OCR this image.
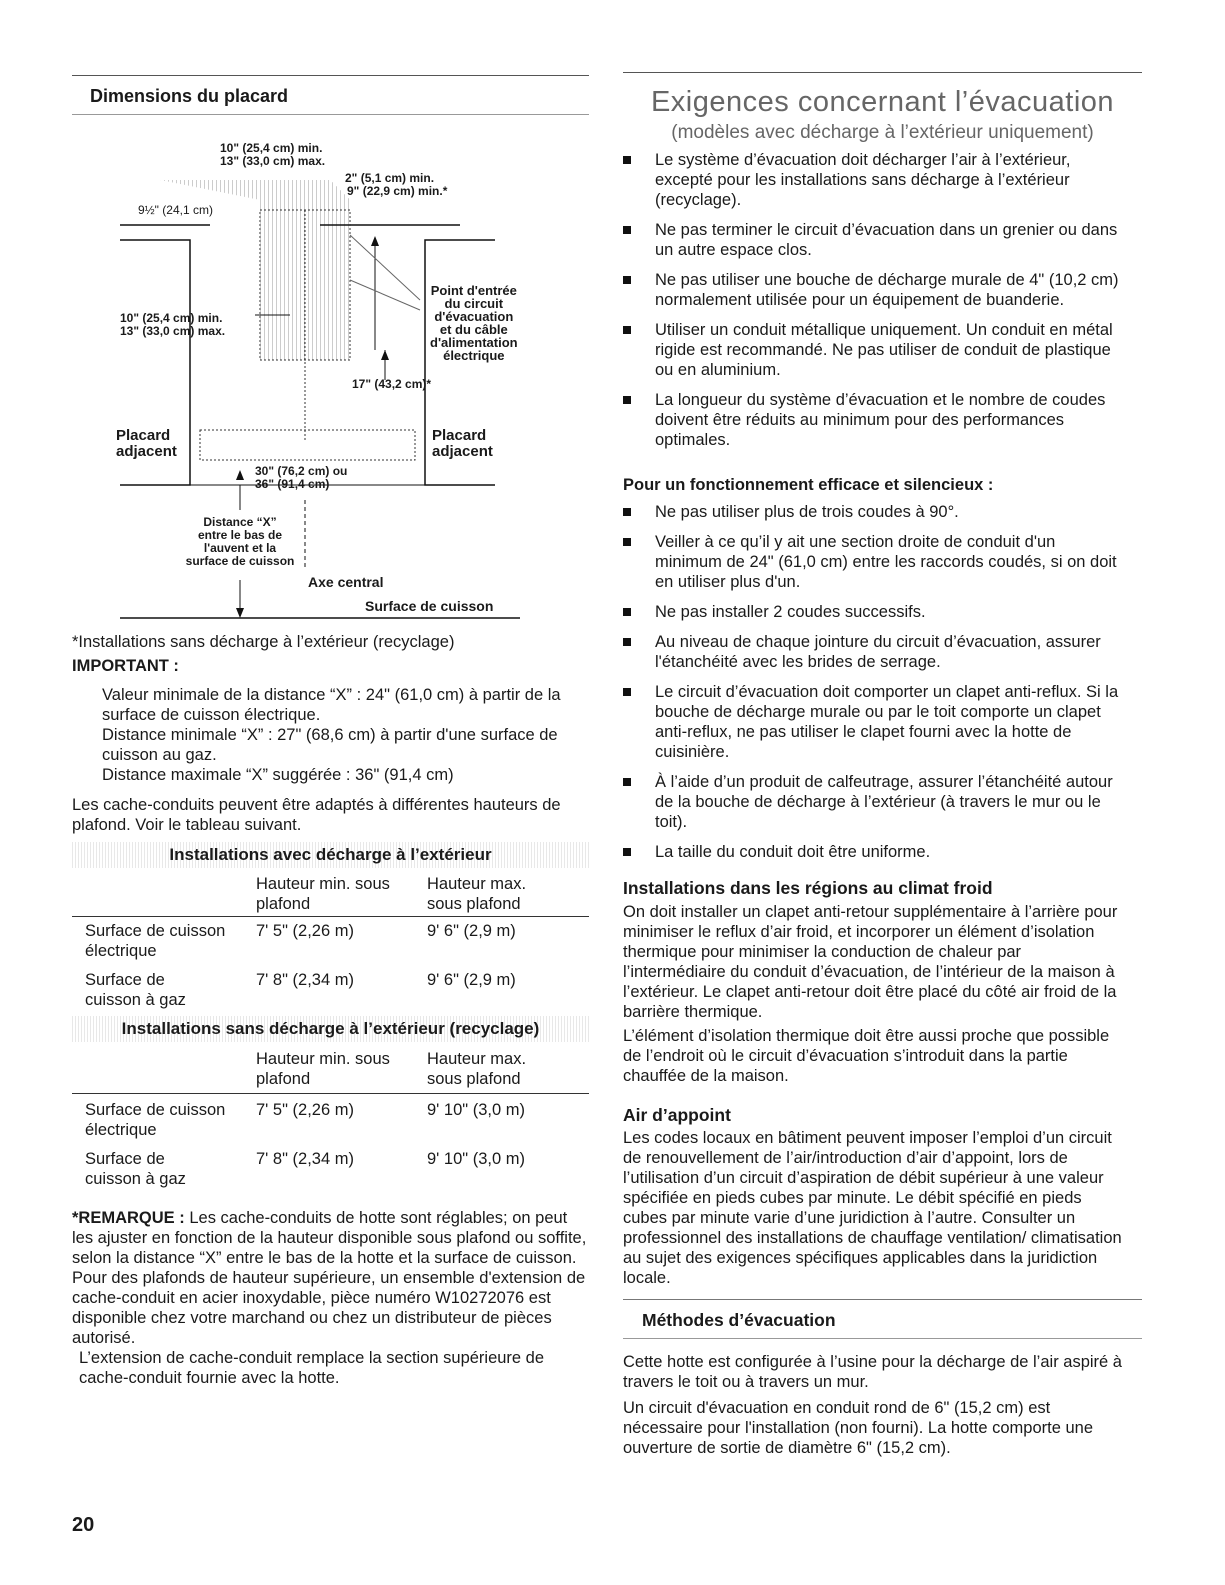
Dimensions du placard
10" (25,4 cm) min.
13" (33,0 cm) max.
2" (5,1 cm) min.
9" (22,9 cm) min.*
9½" (24,1 cm)
10" (25,4 cm) min.
13" (33,0 cm) max.
Point d'entrée
du circuit
d'évacuation
et du câble
d'alimentation
électrique
17" (43,2 cm)*
Placard
adjacent
Placard
adjacent
30" (76,2 cm) ou
36" (91,4 cm)
Distance “X”
entre le bas de
l'auvent et la
surface de cuisson
Axe central
Surface de cuisson
*Installations sans décharge à l’extérieur (recyclage)
IMPORTANT :
Valeur minimale de la distance “X” : 24" (61,0 cm) à partir de la surface de cuisson électrique.
Distance minimale “X” : 27" (68,6 cm) à partir d'une surface de cuisson au gaz.
Distance maximale “X” suggérée : 36" (91,4 cm)
Les cache-conduits peuvent être adaptés à différentes hauteurs de plafond. Voir le tableau suivant.
Installations avec décharge à l’extérieur
Hauteur min. sous plafond
Hauteur max. sous plafond
Surface de cuisson électrique
7' 5" (2,26 m)	9' 6" (2,9 m)
Surface de cuisson à gaz
7' 8" (2,34 m)	9' 6" (2,9 m)
Installations sans décharge à l’extérieur (recyclage)
Hauteur min. sous plafond
Hauteur max. sous plafond
Surface de cuisson électrique
7' 5" (2,26 m)	9' 10" (3,0 m)
Surface de cuisson à gaz
7' 8" (2,34 m)	9' 10" (3,0 m)
*REMARQUE : Les cache-conduits de hotte sont réglables; on peut les ajuster en fonction de la hauteur disponible sous plafond ou soffite, selon la distance “X” entre le bas de la hotte et la surface de cuisson. Pour des plafonds de hauteur supérieure, un ensemble d'extension de cache-conduit en acier inoxydable, pièce numéro W10272076 est disponible chez votre marchand ou chez un distributeur de pièces autorisé.
L’extension de cache-conduit remplace la section supérieure de cache-conduit fournie avec la hotte.
20
Exigences concernant l’évacuation
(modèles avec décharge à l’extérieur uniquement)
Le système d’évacuation doit décharger l’air à l’extérieur, excepté pour les installations sans décharge à l’extérieur (recyclage).
Ne pas terminer le circuit d’évacuation dans un grenier ou dans un autre espace clos.
Ne pas utiliser une bouche de décharge murale de 4" (10,2 cm) normalement utilisée pour un équipement de buanderie.
Utiliser un conduit métallique uniquement. Un conduit en métal rigide est recommandé. Ne pas utiliser de conduit de plastique ou en aluminium.
La longueur du système d’évacuation et le nombre de coudes doivent être réduits au minimum pour des performances optimales.
Pour un fonctionnement efficace et silencieux :
Ne pas utiliser plus de trois coudes à 90°.
Veiller à ce qu’il y ait une section droite de conduit d'un minimum de 24" (61,0 cm) entre les raccords coudés, si on doit en utiliser plus d'un.
Ne pas installer 2 coudes successifs.
Au niveau de chaque jointure du circuit d’évacuation, assurer l'étanchéité avec les brides de serrage.
Le circuit d’évacuation doit comporter un clapet anti-reflux. Si la bouche de décharge murale ou par le toit comporte un clapet anti-reflux, ne pas utiliser le clapet fourni avec la hotte de cuisinière.
À l’aide d’un produit de calfeutrage, assurer l’étanchéité autour de la bouche de décharge à l’extérieur (à travers le mur ou le toit).
La taille du conduit doit être uniforme.
Installations dans les régions au climat froid
On doit installer un clapet anti-retour supplémentaire à l’arrière pour minimiser le reflux d’air froid, et incorporer un élément d’isolation thermique pour minimiser la conduction de chaleur par l’intermédiaire du conduit d’évacuation, de l’intérieur de la maison à l’extérieur. Le clapet anti-retour doit être placé du côté air froid de la barrière thermique.
L’élément d’isolation thermique doit être aussi proche que possible de l’endroit où le circuit d’évacuation s’introduit dans la partie chauffée de la maison.
Air d’appoint
Les codes locaux en bâtiment peuvent imposer l’emploi d’un circuit de renouvellement de l’air/introduction d’air d’appoint, lors de l’utilisation d’un circuit d’aspiration de débit supérieur à une valeur spécifiée en pieds cubes par minute. Le débit spécifié en pieds cubes par minute varie d’une juridiction à l’autre. Consulter un professionnel des installations de chauffage ventilation/ climatisation au sujet des exigences spécifiques applicables dans la juridiction locale.
Méthodes d’évacuation
Cette hotte est configurée à l’usine pour la décharge de l’air aspiré à travers le toit ou à travers un mur.
Un circuit d'évacuation en conduit rond de 6" (15,2 cm) est nécessaire pour l'installation (non fourni). La hotte comporte une ouverture de sortie de diamètre 6" (15,2 cm).
